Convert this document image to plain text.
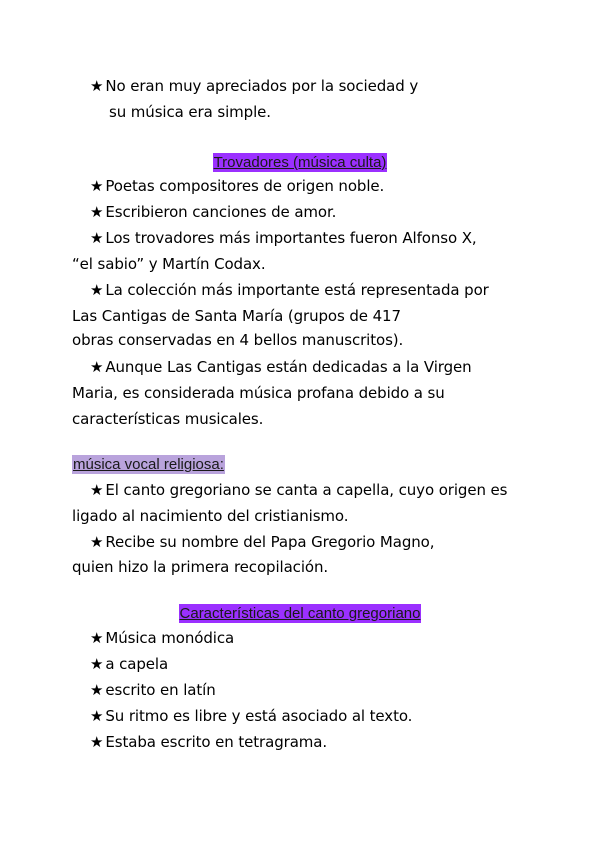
★ No eran muy apreciados por la sociedad y
su música era simple.
Trovadores (música culta)
★ Poetas compositores de origen noble.
★ Escribieron canciones de amor.
★ Los trovadores más importantes fueron Alfonso X,
“el sabio” y Martín Codax.
★ La colección más importante está representada por
Las Cantigas de Santa María (grupos de 417
obras conservadas en 4 bellos manuscritos).
★ Aunque Las Cantigas están dedicadas a la Virgen
Maria, es considerada música profana debido a su
características musicales.
música vocal religiosa:
★ El canto gregoriano se canta a capella, cuyo origen es
ligado al nacimiento del cristianismo.
★ Recibe su nombre del Papa Gregorio Magno,
quien hizo la primera recopilación.
Características del canto gregoriano
★ Música monódica
★ a capela
★ escrito en latín
★ Su ritmo es libre y está asociado al texto.
★ Estaba escrito en tetragrama.
